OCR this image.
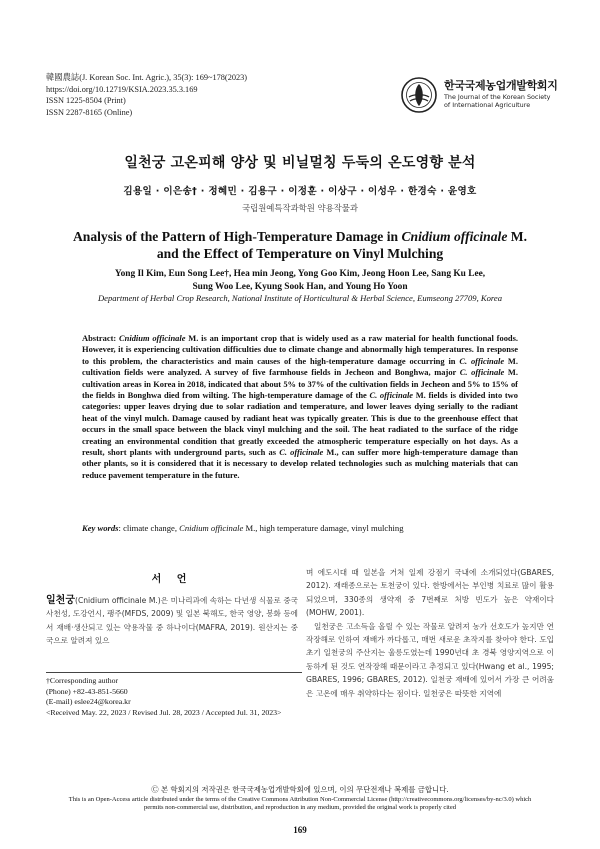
韓國農誌(J. Korean Soc. Int. Agric.), 35(3): 169~178(2023)
https://doi.org/10.12719/KSIA.2023.35.3.169
ISSN 1225-8504 (Print)
ISSN 2287-8165 (Online)
한국국제농업개발학회지
The Journal of the Korean Society
of International Agriculture
일천궁 고온피해 양상 및 비닐멀칭 두둑의 온도영향 분석
김용일 · 이은송† · 정혜민 · 김용구 · 이정훈 · 이상구 · 이성우 · 한경숙 · 윤영호
국립원예특작과학원 약용작물과
Analysis of the Pattern of High-Temperature Damage in Cnidium officinale M.
and the Effect of Temperature on Vinyl Mulching
Yong Il Kim, Eun Song Lee†, Hea min Jeong, Yong Goo Kim, Jeong Hoon Lee, Sang Ku Lee,
Sung Woo Lee, Kyung Sook Han, and Young Ho Yoon
Department of Herbal Crop Research, National Institute of Horticultural & Herbal Science, Eumseong 27709, Korea
Abstract: Cnidium officinale M. is an important crop that is widely used as a raw material for health functional foods. However, it is experiencing cultivation difficulties due to climate change and abnormally high temperatures. In response to this problem, the characteristics and main causes of the high-temperature damage occurring in C. officinale M. cultivation fields were analyzed. A survey of five farmhouse fields in Jecheon and Bonghwa, major C. officinale M. cultivation areas in Korea in 2018, indicated that about 5% to 37% of the cultivation fields in Jecheon and 5% to 15% of the fields in Bonghwa died from wilting. The high-temperature damage of the C. officinale M. fields is divided into two categories: upper leaves drying due to solar radiation and temperature, and lower leaves dying serially to the radiant heat of the vinyl mulch. Damage caused by radiant heat was typically greater. This is due to the greenhouse effect that occurs in the small space between the black vinyl mulching and the soil. The heat radiated to the surface of the ridge creating an environmental condition that greatly exceeded the atmospheric temperature especially on hot days. As a result, short plants with underground parts, such as C. officinale M., can suffer more high-temperature damage than other plants, so it is considered that it is necessary to develop related technologies such as mulching materials that can reduce pavement temperature in the future.
Key words: climate change, Cnidium officinale M., high temperature damage, vinyl mulching
서 언
일천궁(Cnidium officinale M.)은 미나리과에 속하는 다년생 식물로 중국 사천성, 도강언시, 팽주(MFDS, 2009) 및 일본 북해도, 한국 영양, 봉화 등에서 재배·생산되고 있는 약용작물 중 하나이다(MAFRA, 2019). 원산지는 중국으로 알려져 있으
†Corresponding author
(Phone) +82-43-851-5660
(E-mail) eslee24@korea.kr
<Received May. 22, 2023 / Revised Jul. 28, 2023 / Accepted Jul. 31, 2023>
며 에도시대 때 일본을 거쳐 일제 강점기 국내에 소개되었다(GBARES, 2012). 재래종으로는 토천궁이 있다. 한방에서는 부인병 치료로 많이 활용되었으며, 330종의 생약재 중 7번째로 처방 빈도가 높은 약재이다(MOHW, 2001).
일천궁은 고소득을 올릴 수 있는 작물로 알려져 농가 선호도가 높지만 연작장해로 인하여 재배가 까다롭고, 매번 새로운 초작지를 찾아야 한다. 도입초기 일천궁의 주산지는 울릉도였는데 1990년대 초 경북 영양지역으로 이동하게 된 것도 연작장해 때문이라고 추정되고 있다(Hwang et al., 1995; GBARES, 1996; GBARES, 2012). 일천궁 재배에 있어서 가장 큰 어려움은 고온에 매우 취약하다는 점이다. 일천궁은 따뜻한 지역에
Ⓒ 본 학회지의 저작권은 한국국제농업개발학회에 있으며, 이의 무단전재나 복제를 금합니다.
This is an Open-Access article distributed under the terms of the Creative Commons Attribution Non-Commercial License (http://creativecommons.org/licenses/by-nc/3.0) which
permits non-commercial use, distribution, and reproduction in any medium, provided the original work is properly cited
169
